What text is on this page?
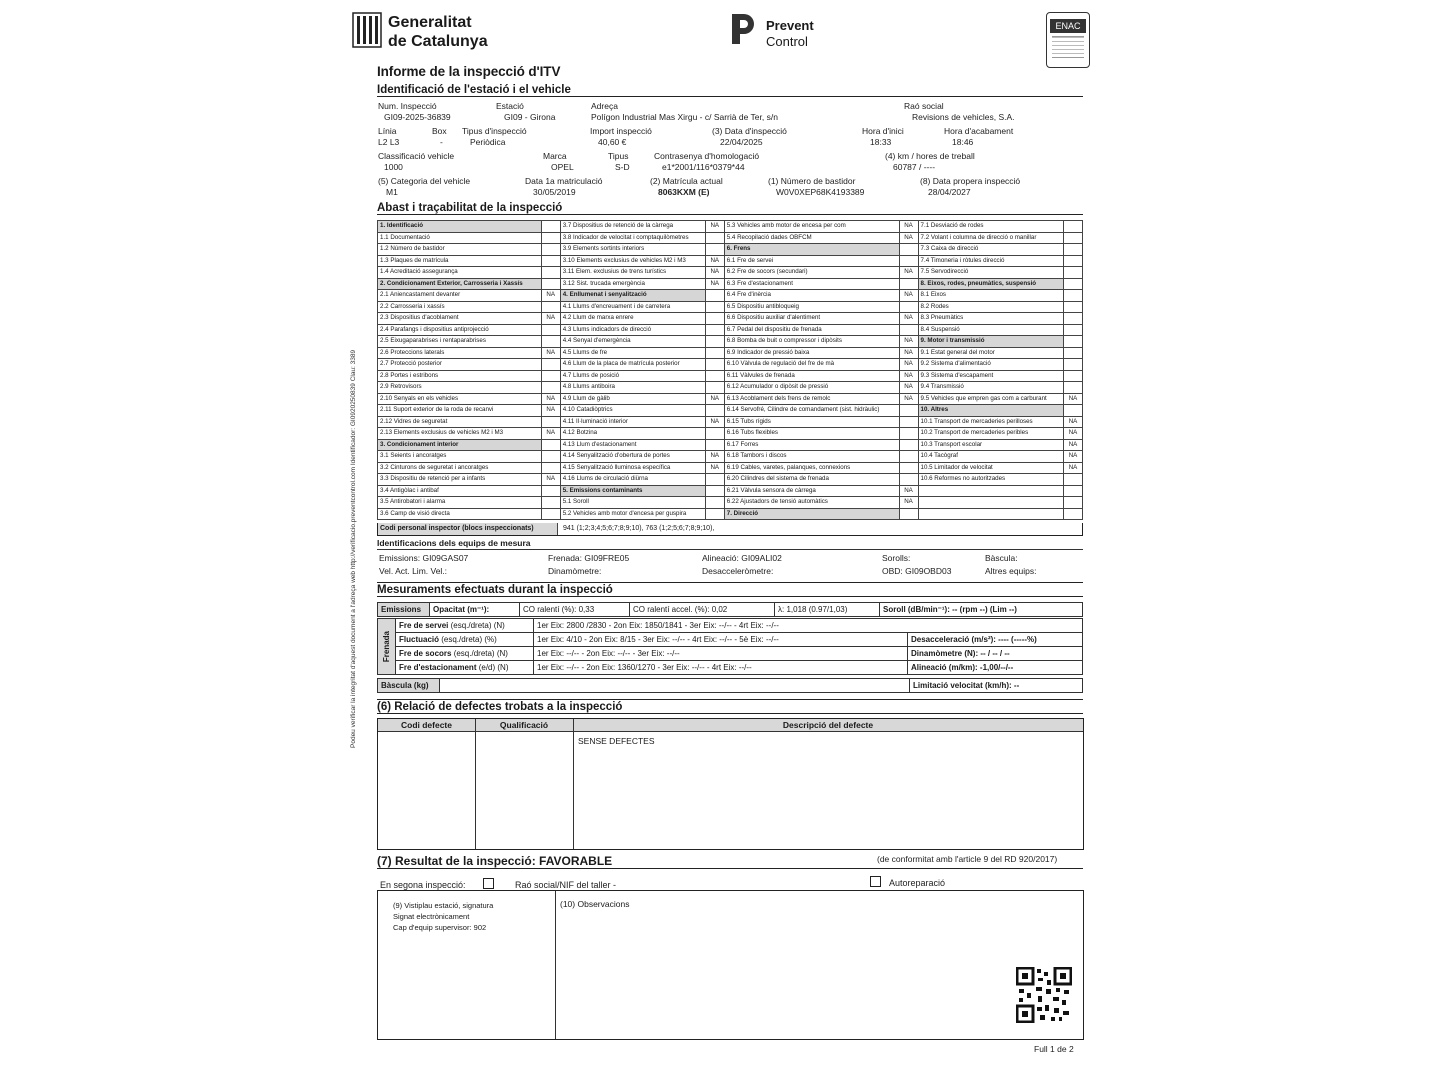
Generalitat
de Catalunya
Prevent
Control
ENAC
Informe de la inspecció d'ITV
Identificació de l'estació i el vehicle
Num. Inspecció
GI09-2025-36839
Estació
GI09 - Girona
Adreça
Polígon Industrial Mas Xirgu - c/ Sarrià de Ter, s/n
Raó social
Revisions de vehicles, S.A.
Línia
L2 L3
Box
-
Tipus d'inspecció
Periòdica
Import inspecció
40,60 €
(3) Data d'inspecció
22/04/2025
Hora d'inici
18:33
Hora d'acabament
18:46
Classificació vehicle
1000
Marca
OPEL
Tipus
S-D
Contrasenya d'homologació
e1*2001/116*0379*44
(4) km / hores de treball
60787 / ----
(5) Categoria del vehicle
M1
Data 1a matriculació
30/05/2019
(2) Matrícula actual
8063KXM (E)
(1) Número de bastidor
W0V0XEP68K4193389
(8) Data propera inspecció
28/04/2027
Abast i traçabilitat de la inspecció
1. Identificació		3.7 Dispositius de retenció de la càrrega	NA	5.3 Vehicles amb motor de encesa per com	NA	7.1 Desviació de rodes	
1.1 Documentació		3.8 Indicador de velocitat i comptaquilòmetres		5.4 Recopilació dades OBFCM	NA	7.2 Volant i columna de direcció o manillar	
1.2 Número de bastidor		3.9 Elements sortints interiors		6. Frens		7.3 Caixa de direcció	
1.3 Plaques de matrícula		3.10 Elements exclusius de vehicles M2 i M3	NA	6.1 Fre de servei		7.4 Timoneria i ròtules direcció	
1.4 Acreditació assegurança		3.11 Elem. exclusius de trens turístics	NA	6.2 Fre de socors (secundari)	NA	7.5 Servodirecció	
2. Condicionament Exterior, Carrosseria i Xassís		3.12 Sist. trucada emergència	NA	6.3 Fre d'estacionament		8. Eixos, rodes, pneumàtics, suspensió	
2.1 Aniencastament devanter	NA	4. Enllumenat i senyalització		6.4 Fre d'inèrcia	NA	8.1 Eixos	
2.2 Carrosseria i xassís		4.1 Llums d'encreuament i de carretera		6.5 Dispositiu antibloqueig		8.2 Rodes	
2.3 Dispositius d'acoblament	NA	4.2 Llum de marxa enrere		6.6 Dispositiu auxiliar d'alentiment	NA	8.3 Pneumàtics	
2.4 Parafangs i dispositius antiprojecció		4.3 Llums indicadors de direcció		6.7 Pedal del dispositiu de frenada		8.4 Suspensió	
2.5 Eixugaparabrises i rentaparabrises		4.4 Senyal d'emergència		6.8 Bomba de buit o compressor i dipòsits	NA	9. Motor i transmissió	
2.6 Proteccions laterals	NA	4.5 Llums de fre		6.9 Indicador de pressió baixa	NA	9.1 Estat general del motor	
2.7 Protecció posterior		4.6 Llum de la placa de matrícula posterior		6.10 Vàlvula de regulació del fre de mà	NA	9.2 Sistema d'alimentació	
2.8 Portes i estribons		4.7 Llums de posició		6.11 Vàlvules de frenada	NA	9.3 Sistema d'escapament	
2.9 Retrovisors		4.8 Llums antiboira		6.12 Acumulador o dipòsit de pressió	NA	9.4 Transmissió	
2.10 Senyals en els vehicles	NA	4.9 Llum de gàlib	NA	6.13 Acoblament dels frens de remolc	NA	9.5 Vehicles que empren gas com a carburant	NA
2.11 Suport exterior de la roda de recanvi	NA	4.10 Catadiòptrics		6.14 Servofré, Cilindre de comandament (sist. hidràulic)		10. Altres	
2.12 Vidres de seguretat		4.11 Il·luminació interior	NA	6.15 Tubs rígids		10.1 Transport de mercaderies perilloses	NA
2.13 Elements exclusius de vehicles M2 i M3	NA	4.12 Botzina		6.16 Tubs flexibles		10.2 Transport de mercaderies peribles	NA
3. Condicionament interior		4.13 Llum d'estacionament		6.17 Forres		10.3 Transport escolar	NA
3.1 Seients i ancoratges		4.14 Senyalització d'obertura de portes	NA	6.18 Tambors i discos		10.4 Tacògraf	NA
3.2 Cinturons de seguretat i ancoratges		4.15 Senyalització lluminosa específica	NA	6.19 Cables, varetes, palanques, connexions		10.5 Limitador de velocitat	NA
3.3 Dispositiu de retenció per a infants	NA	4.16 Llums de circulació diürna		6.20 Cilindres del sistema de frenada		10.6 Reformes no autoritzades	
3.4 Antigòlac i antibaf		5. Emissions contaminants		6.21 Vàlvula sensora de càrrega	NA		
3.5 Antirobatori i alarma		5.1 Soroll		6.22 Ajustadors de tensió automàtics	NA		
3.6 Camp de visió directa		5.2 Vehicles amb motor d'encesa per guspira		7. Direcció			
Codi personal inspector (blocs inspeccionats)	941 (1;2;3;4;5;6;7;8;9;10), 763 (1;2;5;6;7;8;9;10),
Identificacions dels equips de mesura
Emissions: GI09GAS07	Frenada: GI09FRE05	Alineació: GI09ALI02	Sorolls:	Bàscula:
Vel. Act. Lim. Vel.:	Dinamòmetre:	Desacceleròmetre:	OBD: GI09OBD03	Altres equips:
Mesuraments efectuats durant la inspecció
Emissions	Opacitat (m⁻¹):	CO ralentí (%): 0,33	CO ralentí accel. (%): 0,02	λ: 1,018 (0.97/1,03)	Soroll (dB/min⁻¹): -- (rpm --) (Lim --)
Frenada	Fre de servei (esq./dreta) (N)	1er Eix: 2800 /2830 - 2on Eix: 1850/1841 - 3er Eix: --/-- - 4rt Eix: --/--	
	Fluctuació (esq./dreta) (%)	1er Eix: 4/10 - 2on Eix: 8/15 - 3er Eix: --/-- - 4rt Eix: --/-- - 5è Eix: --/--	Desacceleració (m/s²): ---- (-----%)
	Fre de socors (esq./dreta) (N)	1er Eix: --/-- - 2on Eix: --/-- - 3er Eix: --/--	Dinamòmetre (N): -- / -- / --
	Fre d'estacionament (e/d) (N)	1er Eix: --/-- - 2on Eix: 1360/1270 - 3er Eix: --/-- - 4rt Eix: --/--	Alineació (m/km): -1,00/--/--
Bàscula (kg)		Limitació velocitat (km/h): --
(6) Relació de defectes trobats a la inspecció
Codi defecte	Qualificació	Descripció del defecte
SENSE DEFECTES
(7) Resultat de la inspecció: FAVORABLE	(de conformitat amb l'article 9 del RD 920/2017)
En segona inspecció:	Raó social/NIF del taller -	Autoreparació
(9) Vistiplau estació, signatura
Signat electrònicament
Cap d'equip supervisor: 902
(10) Observacions
Full 1 de 2
Podeu verificar la integritat d'aquest document a l'adreça web http://verificacio.preventcontrol.com Identificador: GI0920250839 Clau: 3389
